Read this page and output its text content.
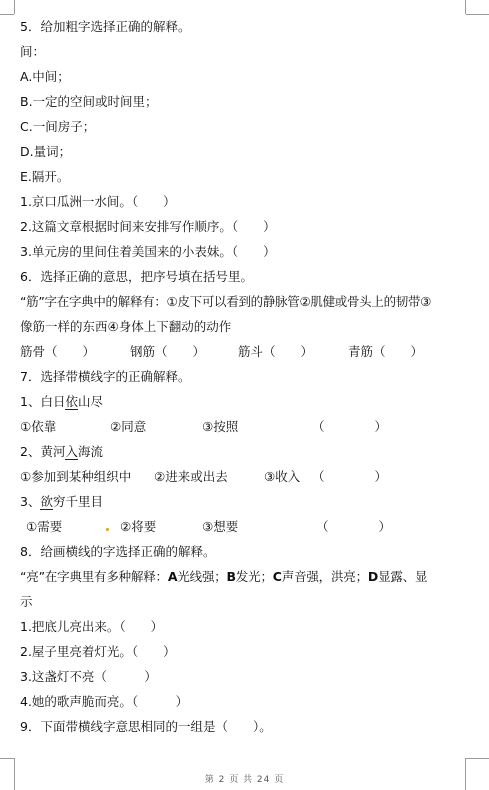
5．给加粗字选择正确的解释。
间：
A.中间；
B.一定的空间或时间里；
C.一间房子；
D.量词；
E.隔开。
1.京口瓜洲一水间。（　　）
2.这篇文章根据时间来安排写作顺序。（　　）
3.单元房的里间住着美国来的小表妹。（　　）
6．选择正确的意思，把序号填在括号里。
“筋”字在字典中的解释有：①皮下可以看到的静脉管②肌健或骨头上的韧带③
像筋一样的东西④身体上下翻动的动作
筋骨（　　）	钢筋（　　）	筋斗（　　）	青筋（　　）
7．选择带横线字的正确解释。
1、白日依山尽
①依靠	②同意	③按照	（　　　　）
2、黄河入海流
①参加到某种组织中 ②进来或出去	③收入 （　　　　）
3、欲穷千里目
①需要	②将要	③想要	（　　　　）
8．给画横线的字选择正确的解释。
“亮”在字典里有多种解释：A光线强；B发光；C声音强，洪亮；D显露、显
示
1.把底儿亮出来。（　　）
2.屋子里亮着灯光。（　　）
3.这盏灯不亮（　　　）
4.她的歌声脆而亮。（　　　）
9．下面带横线字意思相同的一组是（　　）。
第 2 页 共 24 页
